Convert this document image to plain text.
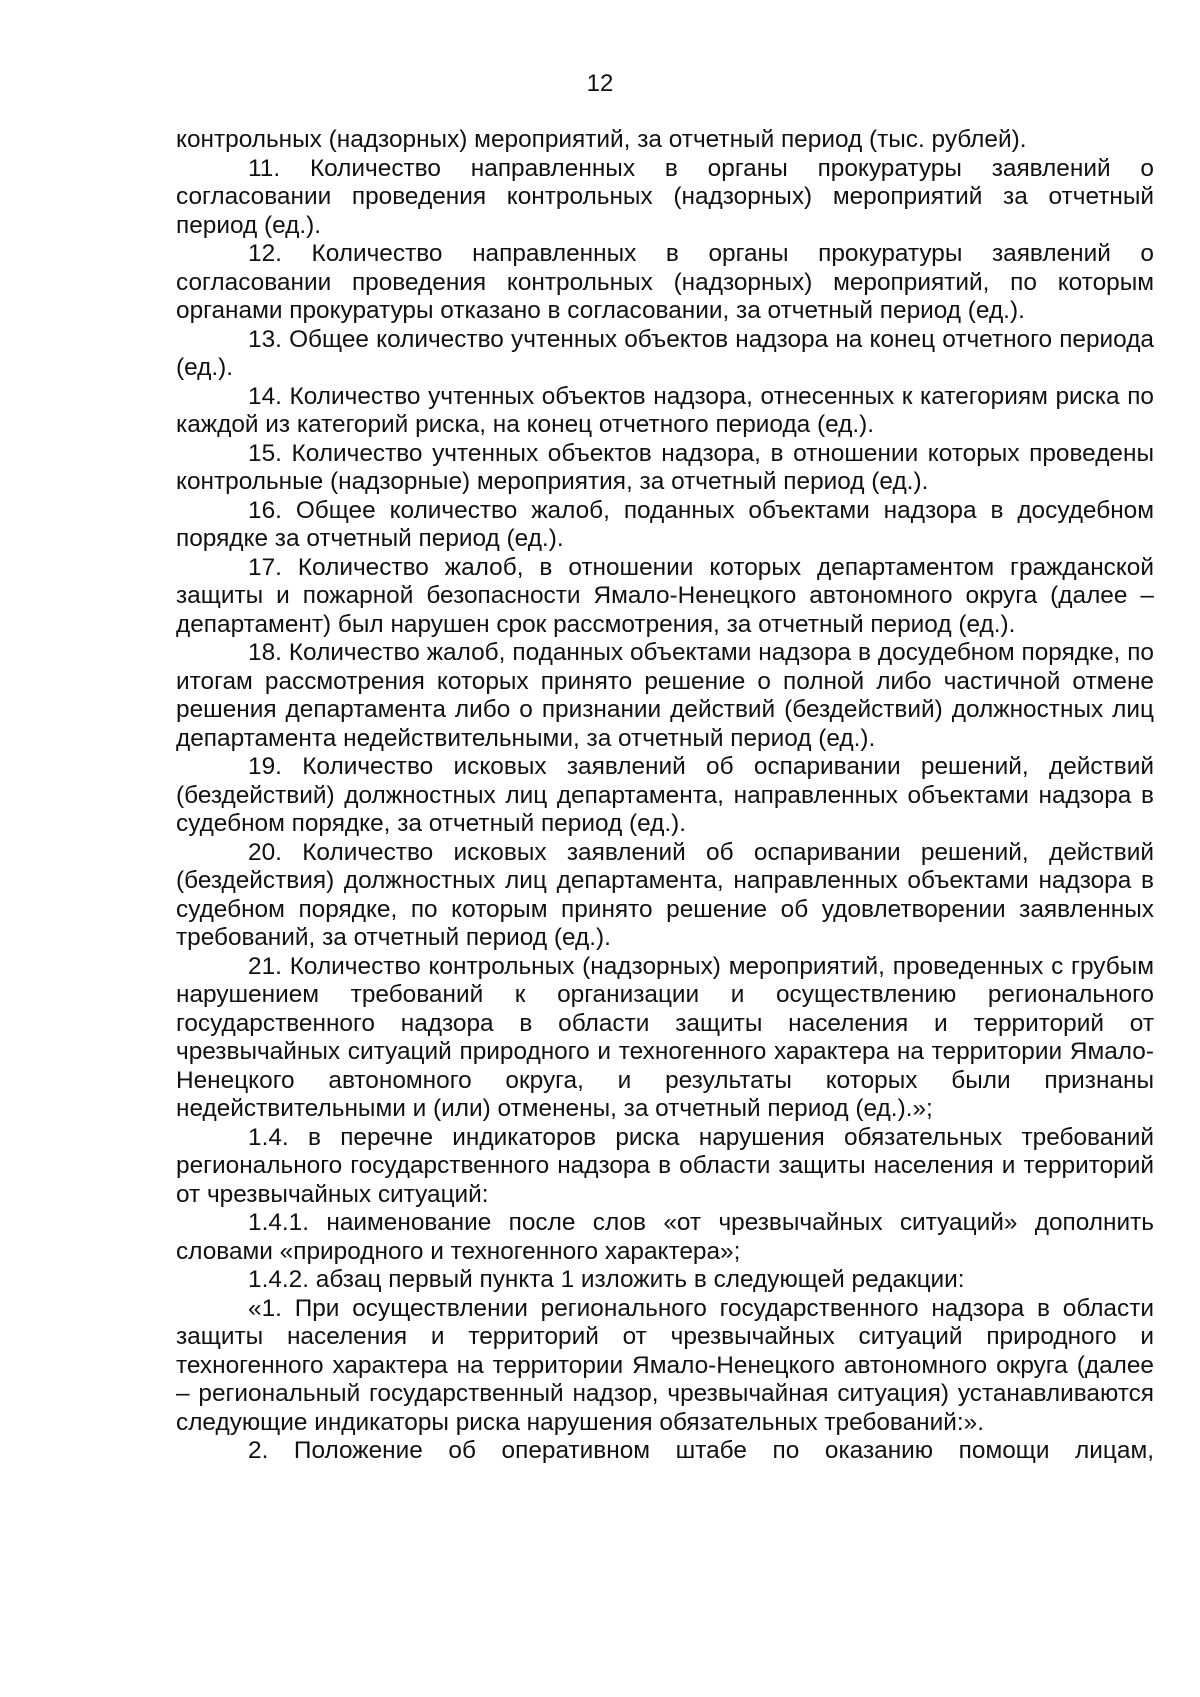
12

контрольных (надзорных) мероприятий, за отчетный период (тыс. рублей).

11. Количество направленных в органы прокуратуры заявлений о согласовании проведения контрольных (надзорных) мероприятий за отчетный период (ед.).

12. Количество направленных в органы прокуратуры заявлений о согласовании проведения контрольных (надзорных) мероприятий, по которым органами прокуратуры отказано в согласовании, за отчетный период (ед.).

13. Общее количество учтенных объектов надзора на конец отчетного периода (ед.).

14. Количество учтенных объектов надзора, отнесенных к категориям риска по каждой из категорий риска, на конец отчетного периода (ед.).

15. Количество учтенных объектов надзора, в отношении которых проведены контрольные (надзорные) мероприятия, за отчетный период (ед.).

16. Общее количество жалоб, поданных объектами надзора в досудебном порядке за отчетный период (ед.).

17. Количество жалоб, в отношении которых департаментом гражданской защиты и пожарной безопасности Ямало-Ненецкого автономного округа (далее – департамент) был нарушен срок рассмотрения, за отчетный период (ед.).

18. Количество жалоб, поданных объектами надзора в досудебном порядке, по итогам рассмотрения которых принято решение о полной либо частичной отмене решения департамента либо о признании действий (бездействий) должностных лиц департамента недействительными, за отчетный период (ед.).

19. Количество исковых заявлений об оспаривании решений, действий (бездействий) должностных лиц департамента, направленных объектами надзора в судебном порядке, за отчетный период (ед.).

20. Количество исковых заявлений об оспаривании решений, действий (бездействия) должностных лиц департамента, направленных объектами надзора в судебном порядке, по которым принято решение об удовлетворении заявленных требований, за отчетный период (ед.).

21. Количество контрольных (надзорных) мероприятий, проведенных с грубым нарушением требований к организации и осуществлению регионального государственного надзора в области защиты населения и территорий от чрезвычайных ситуаций природного и техногенного характера на территории Ямало-Ненецкого автономного округа, и результаты которых были признаны недействительными и (или) отменены, за отчетный период (ед.).»;

1.4. в перечне индикаторов риска нарушения обязательных требований регионального государственного надзора в области защиты населения и территорий от чрезвычайных ситуаций:

1.4.1. наименование после слов «от чрезвычайных ситуаций» дополнить словами «природного и техногенного характера»;

1.4.2. абзац первый пункта 1 изложить в следующей редакции:

«1. При осуществлении регионального государственного надзора в области защиты населения и территорий от чрезвычайных ситуаций природного и техногенного характера на территории Ямало-Ненецкого автономного округа (далее – региональный государственный надзор, чрезвычайная ситуация) устанавливаются следующие индикаторы риска нарушения обязательных требований:».

2. Положение об оперативном штабе по оказанию помощи лицам,
